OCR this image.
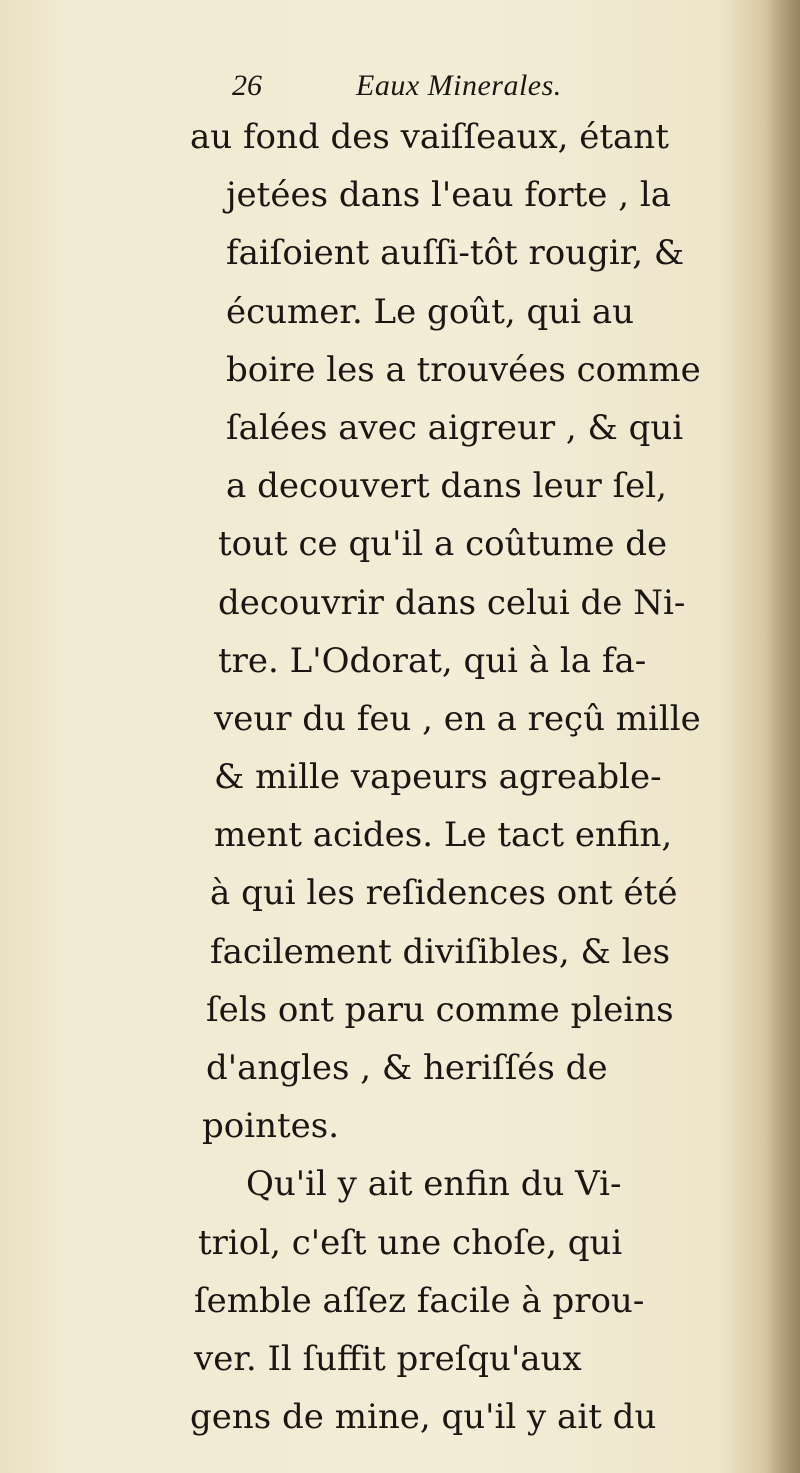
26	Eaux Minerales.
au fond des vaiſſeaux, étant
jetées dans l'eau forte , la
faiſoient auſſi-tôt rougir, &
écumer. Le goût, qui au
boire les a trouvées comme
ſalées avec aigreur , & qui
a decouvert dans leur ſel,
tout ce qu'il a coûtume de
decouvrir dans celui de Ni-
tre. L'Odorat, qui à la fa-
veur du feu , en a reçû mille
& mille vapeurs agreable-
ment acides. Le tact enfin,
à qui les reſidences ont été
facilement diviſibles, & les
ſels ont paru comme pleins
d'angles , & heriſſés de
pointes.
Qu'il y ait enfin du Vi-
triol, c'eſt une choſe, qui
ſemble aſſez facile à prou-
ver. Il ſuffit preſqu'aux
gens de mine, qu'il y ait du
